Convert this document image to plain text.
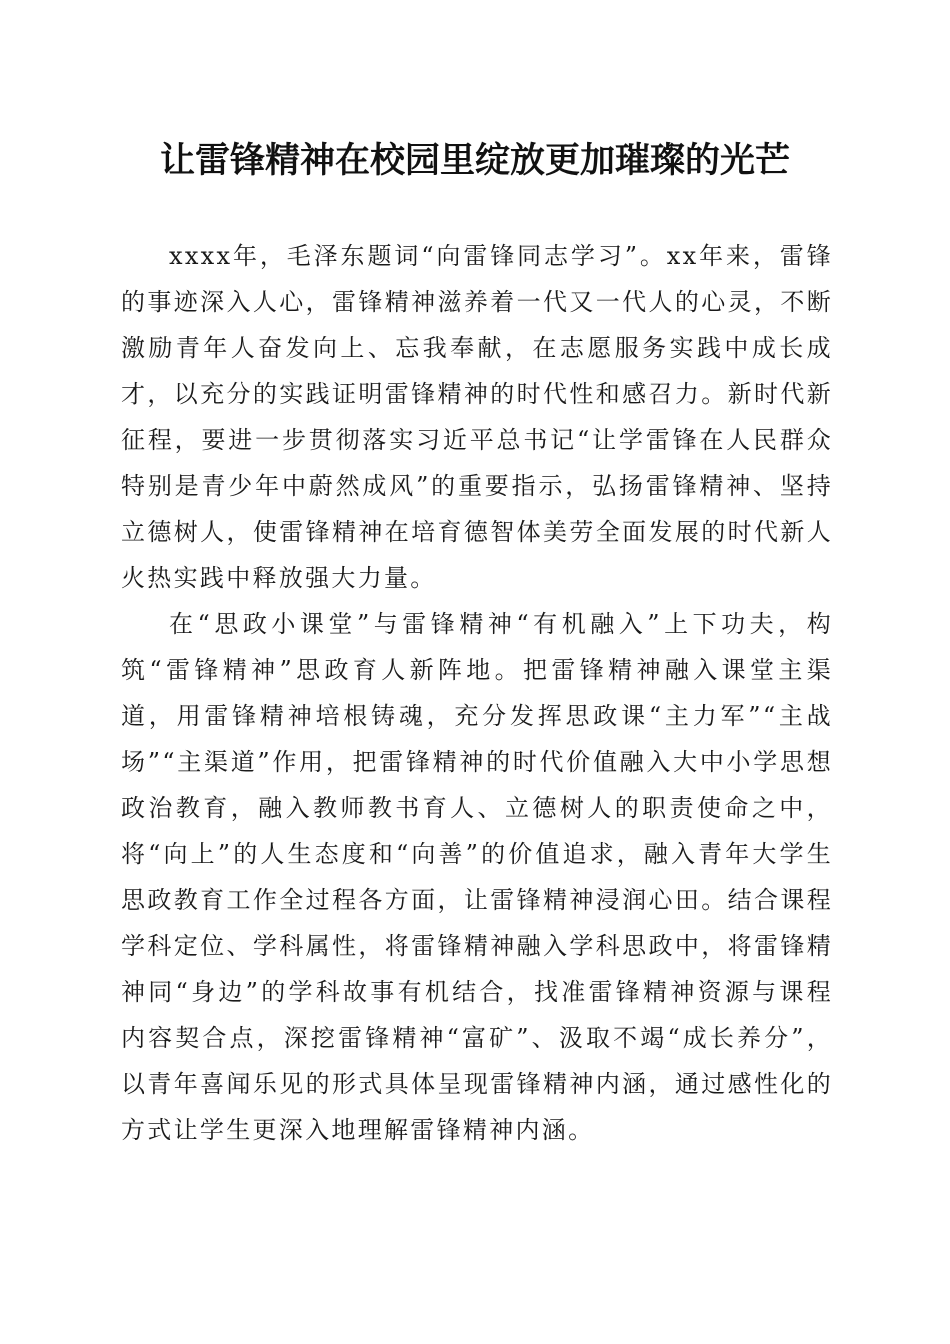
让雷锋精神在校园里绽放更加璀璨的光芒

xxxx年，毛泽东题词“向雷锋同志学习”。xx年来，雷锋的事迹深入人心，雷锋精神滋养着一代又一代人的心灵，不断激励青年人奋发向上、忘我奉献，在志愿服务实践中成长成才，以充分的实践证明雷锋精神的时代性和感召力。新时代新征程，要进一步贯彻落实习近平总书记“让学雷锋在人民群众特别是青少年中蔚然成风”的重要指示，弘扬雷锋精神、坚持立德树人，使雷锋精神在培育德智体美劳全面发展的时代新人火热实践中释放强大力量。

在“思政小课堂”与雷锋精神“有机融入”上下功夫，构筑“雷锋精神”思政育人新阵地。把雷锋精神融入课堂主渠道，用雷锋精神培根铸魂，充分发挥思政课“主力军”“主战场”“主渠道”作用，把雷锋精神的时代价值融入大中小学思想政治教育，融入教师教书育人、立德树人的职责使命之中，将“向上”的人生态度和“向善”的价值追求，融入青年大学生思政教育工作全过程各方面，让雷锋精神浸润心田。结合课程学科定位、学科属性，将雷锋精神融入学科思政中，将雷锋精神同“身边”的学科故事有机结合，找准雷锋精神资源与课程内容契合点，深挖雷锋精神“富矿”、汲取不竭“成长养分”，以青年喜闻乐见的形式具体呈现雷锋精神内涵，通过感性化的方式让学生更深入地理解雷锋精神内涵。
